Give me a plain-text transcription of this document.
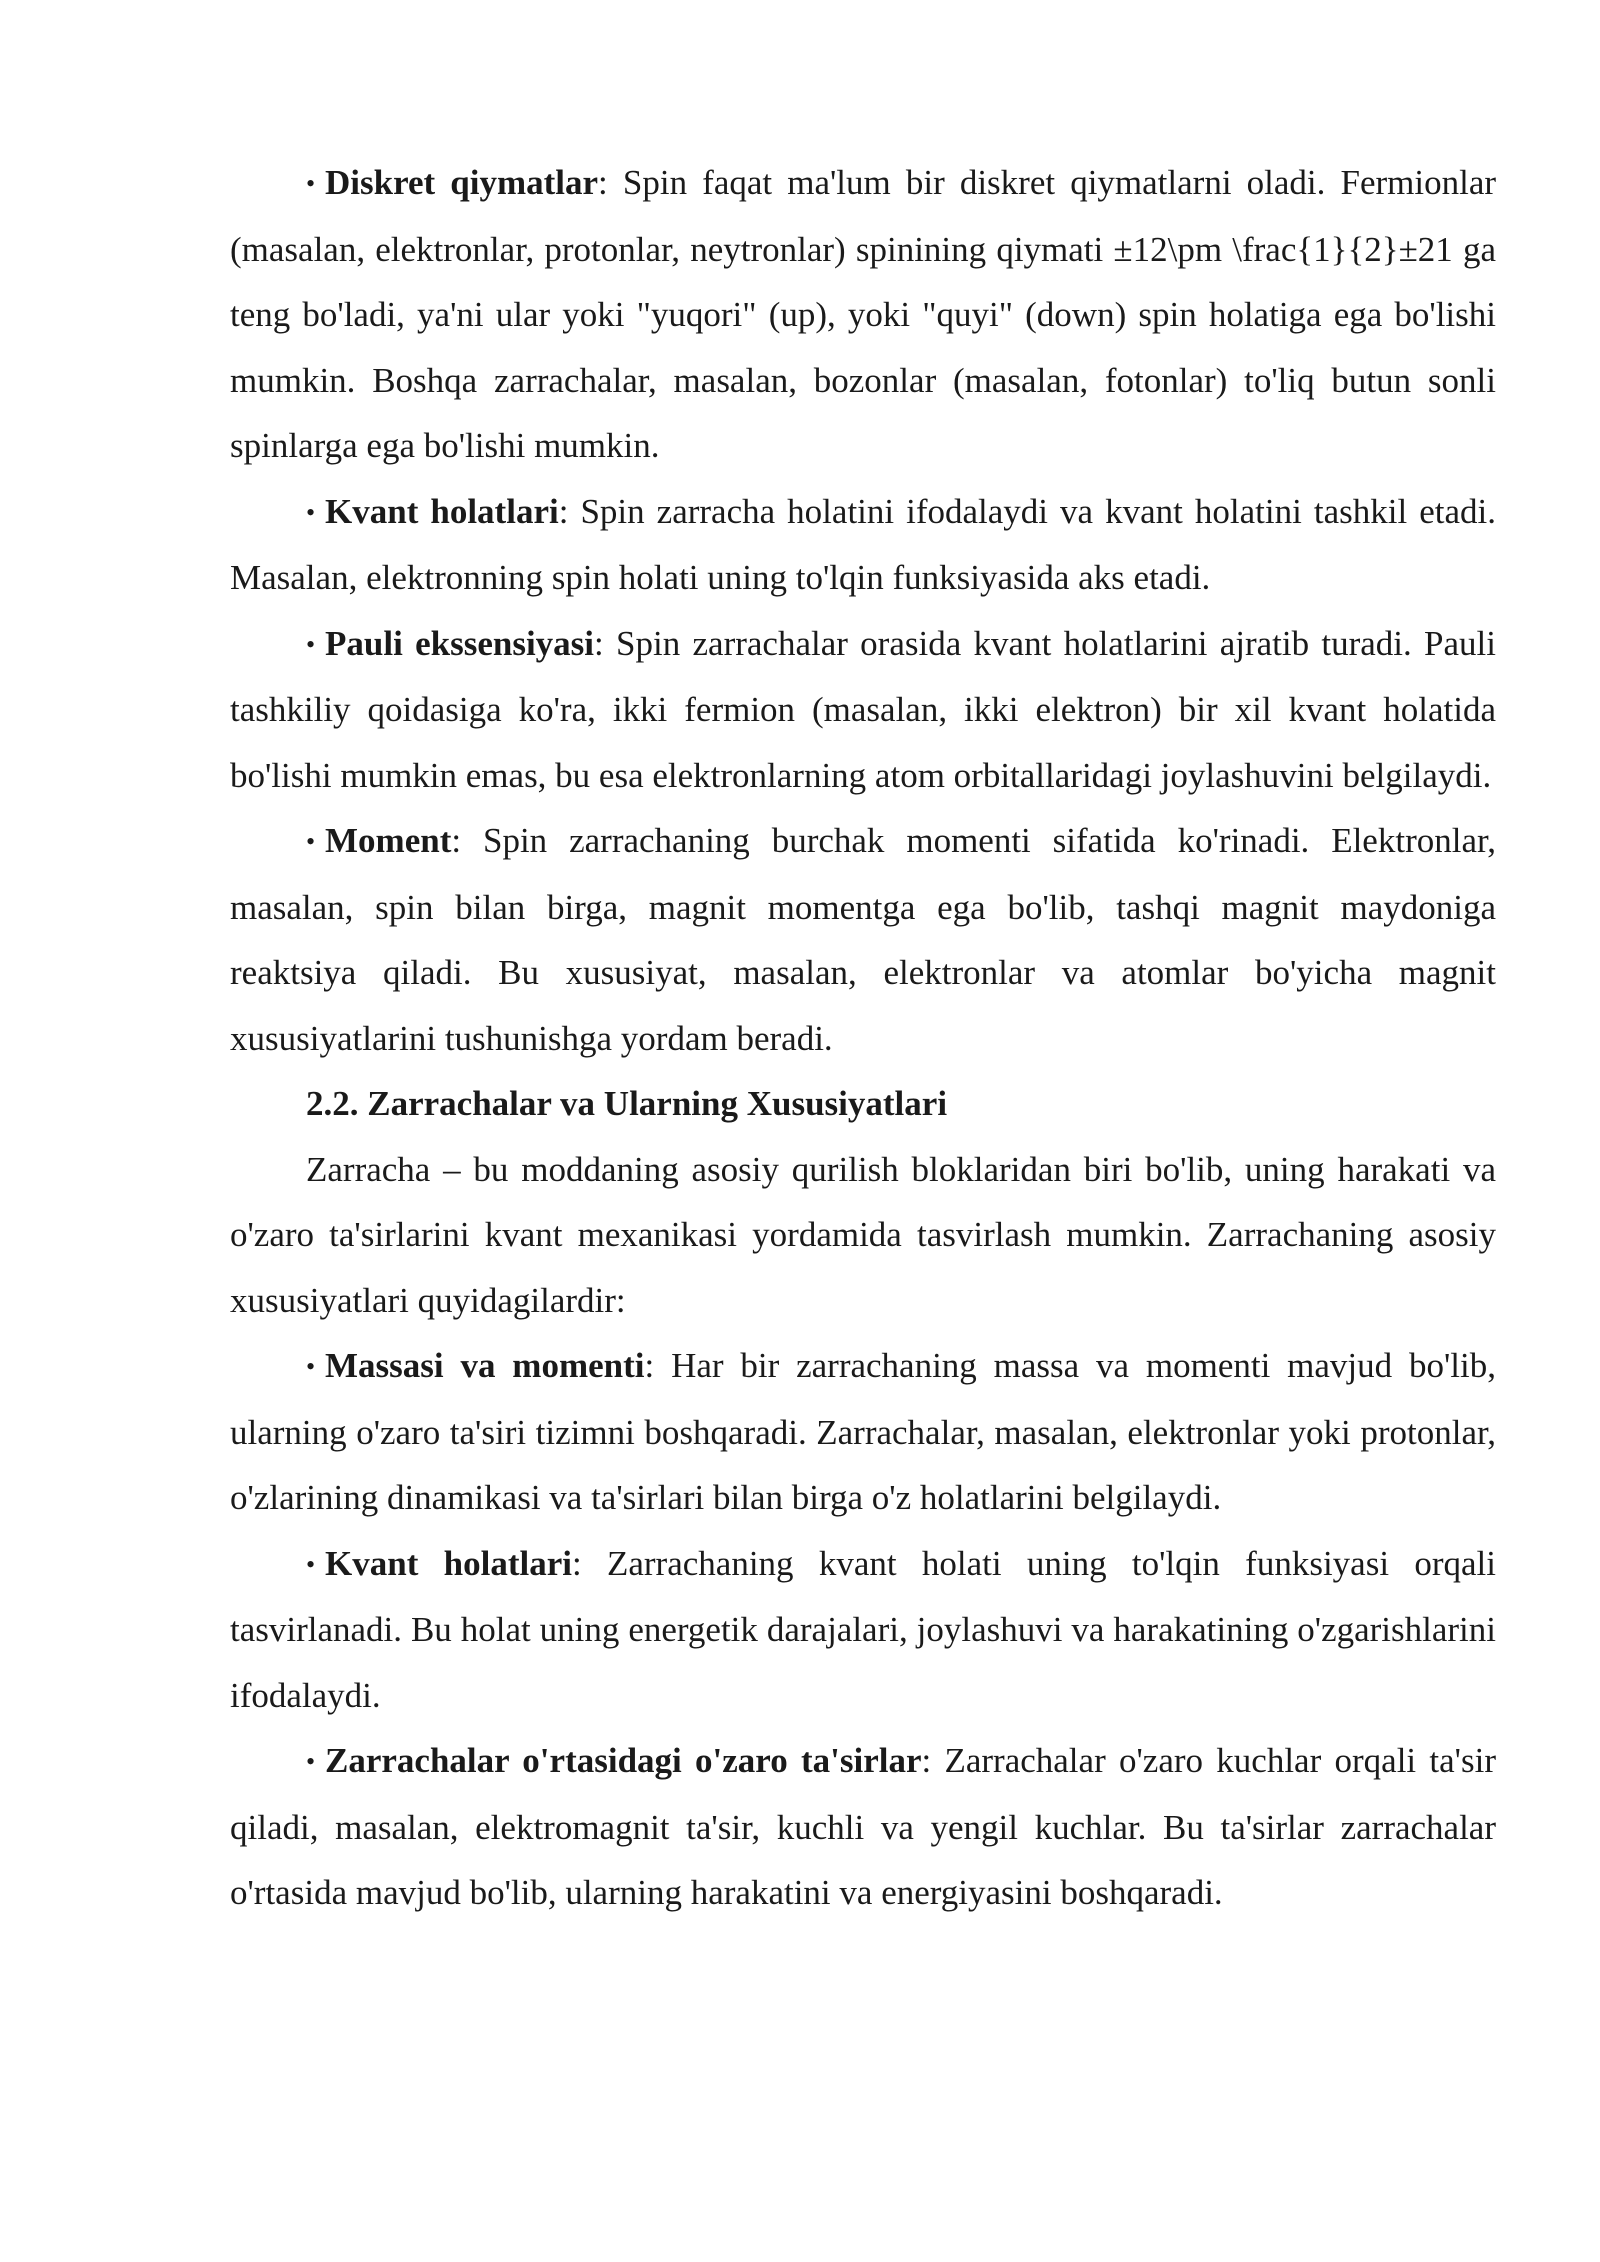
• Diskret qiymatlar: Spin faqat ma'lum bir diskret qiymatlarni oladi. Fermionlar (masalan, elektronlar, protonlar, neytronlar) spinining qiymati ±12\pm \frac{1}{2}±21 ga teng bo'ladi, ya'ni ular yoki "yuqori" (up), yoki "quyi" (down) spin holatiga ega bo'lishi mumkin. Boshqa zarrachalar, masalan, bozonlar (masalan, fotonlar) to'liq butun sonli spinlarga ega bo'lishi mumkin.

• Kvant holatlari: Spin zarracha holatini ifodalaydi va kvant holatini tashkil etadi. Masalan, elektronning spin holati uning to'lqin funksiyasida aks etadi.

• Pauli ekssensiyasi: Spin zarrachalar orasida kvant holatlarini ajratib turadi. Pauli tashkiliy qoidasiga ko'ra, ikki fermion (masalan, ikki elektron) bir xil kvant holatida bo'lishi mumkin emas, bu esa elektronlarning atom orbitallaridagi joylashuvini belgilaydi.

• Moment: Spin zarrachaning burchak momenti sifatida ko'rinadi. Elektronlar, masalan, spin bilan birga, magnit momentga ega bo'lib, tashqi magnit maydoniga reaktsiya qiladi. Bu xususiyat, masalan, elektronlar va atomlar bo'yicha magnit xususiyatlarini tushunishga yordam beradi.

2.2. Zarrachalar va Ularning Xususiyatlari

Zarracha – bu moddaning asosiy qurilish bloklaridan biri bo'lib, uning harakati va o'zaro ta'sirlarini kvant mexanikasi yordamida tasvirlash mumkin. Zarrachaning asosiy xususiyatlari quyidagilardir:

• Massasi va momenti: Har bir zarrachaning massa va momenti mavjud bo'lib, ularning o'zaro ta'siri tizimni boshqaradi. Zarrachalar, masalan, elektronlar yoki protonlar, o'zlarining dinamikasi va ta'sirlari bilan birga o'z holatlarini belgilaydi.

• Kvant holatlari: Zarrachaning kvant holati uning to'lqin funksiyasi orqali tasvirlanadi. Bu holat uning energetik darajalari, joylashuvi va harakatining o'zgarishlarini ifodalaydi.

• Zarrachalar o'rtasidagi o'zaro ta'sirlar: Zarrachalar o'zaro kuchlar orqali ta'sir qiladi, masalan, elektromagnit ta'sir, kuchli va yengil kuchlar. Bu ta'sirlar zarrachalar o'rtasida mavjud bo'lib, ularning harakatini va energiyasini boshqaradi.
